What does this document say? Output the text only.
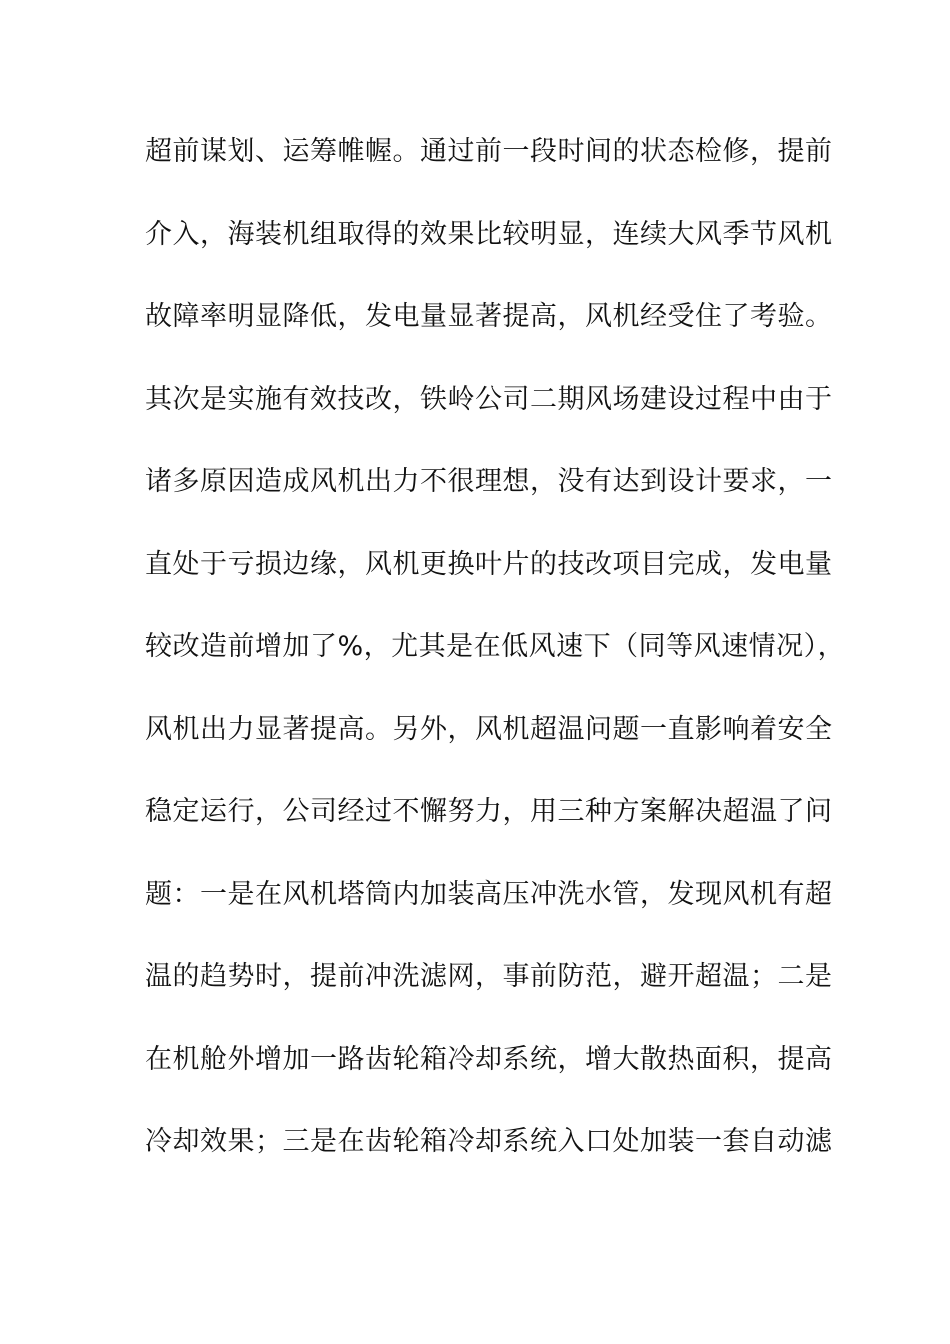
超前谋划、运筹帷幄。通过前一段时间的状态检修，提前
介入，海装机组取得的效果比较明显，连续大风季节风机
故障率明显降低，发电量显著提高，风机经受住了考验。
其次是实施有效技改，铁岭公司二期风场建设过程中由于
诸多原因造成风机出力不很理想，没有达到设计要求，一
直处于亏损边缘，风机更换叶片的技改项目完成，发电量
较改造前增加了%，尤其是在低风速下（同等风速情况），
风机出力显著提高。另外，风机超温问题一直影响着安全
稳定运行，公司经过不懈努力，用三种方案解决超温了问
题：一是在风机塔筒内加装高压冲洗水管，发现风机有超
温的趋势时，提前冲洗滤网，事前防范，避开超温；二是
在机舱外增加一路齿轮箱冷却系统，增大散热面积，提高
冷却效果；三是在齿轮箱冷却系统入口处加装一套自动滤
